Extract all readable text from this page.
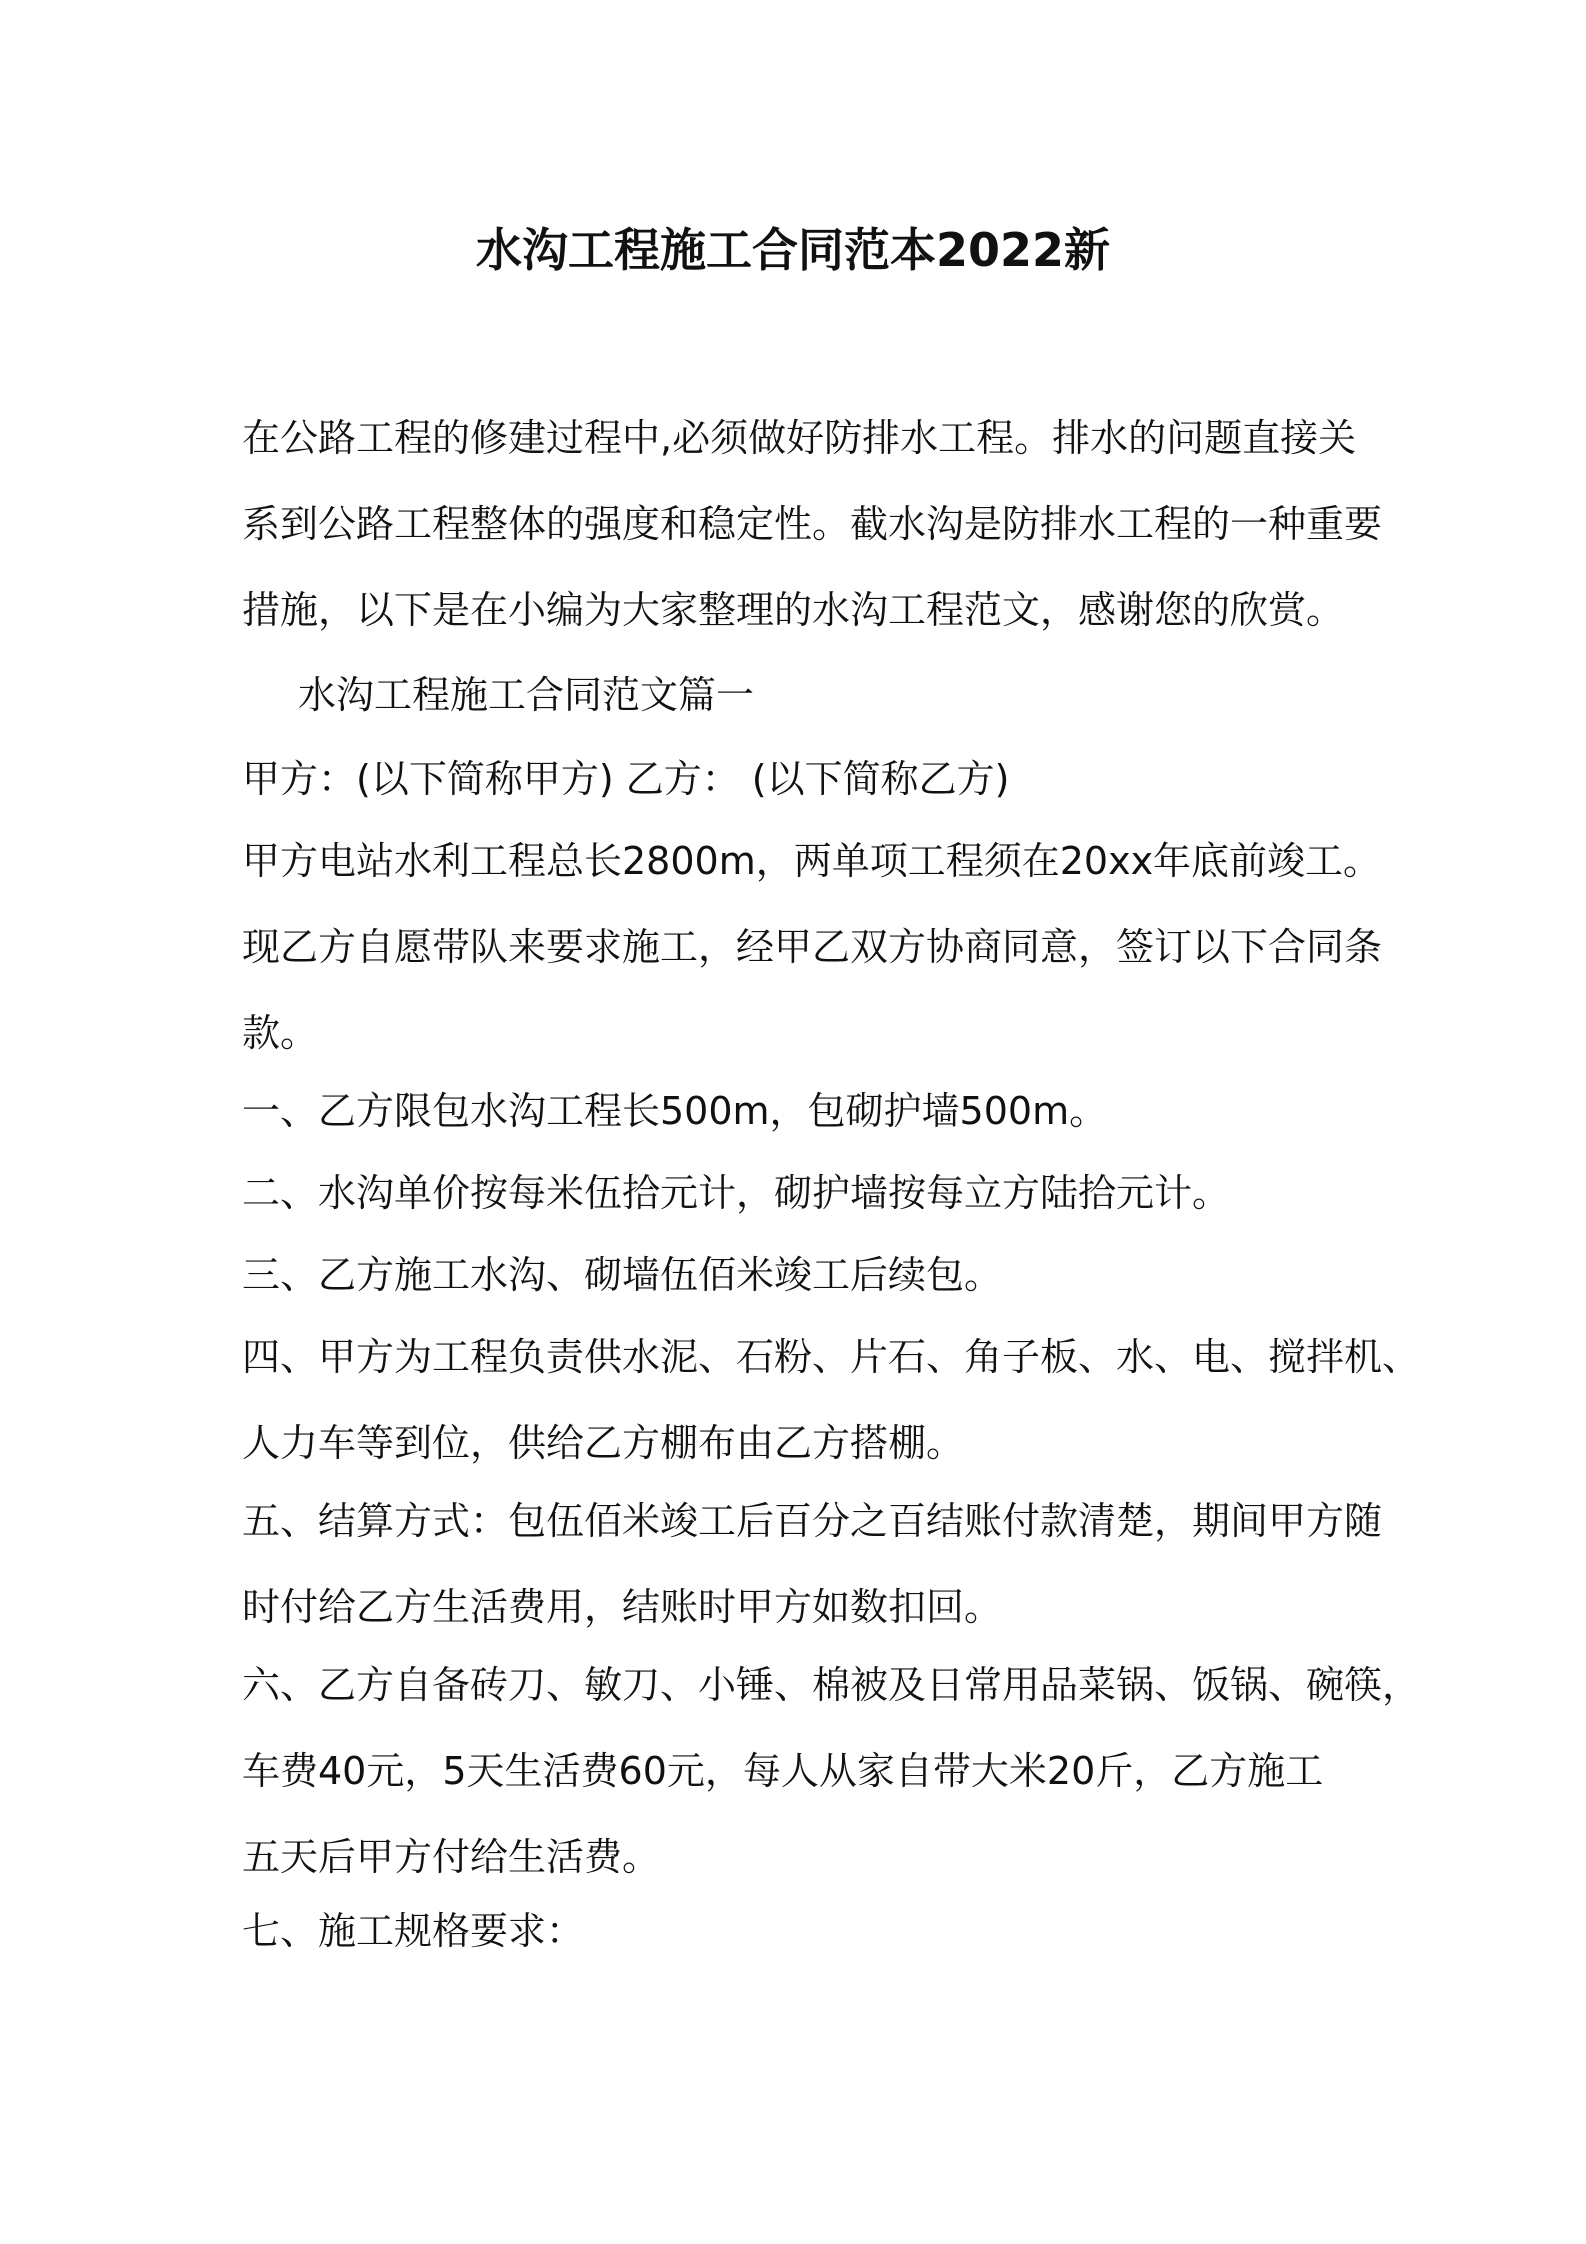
水沟工程施工合同范本2022新
在公路工程的修建过程中,必须做好防排水工程。排水的问题直接关
系到公路工程整体的强度和稳定性。截水沟是防排水工程的一种重要
措施，以下是在小编为大家整理的水沟工程范文，感谢您的欣赏。
水沟工程施工合同范文篇一
甲方：(以下简称甲方) 乙方： (以下简称乙方)
甲方电站水利工程总长2800m，两单项工程须在20xx年底前竣工。
现乙方自愿带队来要求施工，经甲乙双方协商同意，签订以下合同条
款。
一、乙方限包水沟工程长500m，包砌护墙500m。
二、水沟单价按每米伍拾元计，砌护墙按每立方陆拾元计。
三、乙方施工水沟、砌墙伍佰米竣工后续包。
四、甲方为工程负责供水泥、石粉、片石、角子板、水、电、搅拌机、
人力车等到位，供给乙方棚布由乙方搭棚。
五、结算方式：包伍佰米竣工后百分之百结账付款清楚，期间甲方随
时付给乙方生活费用，结账时甲方如数扣回。
六、乙方自备砖刀、敏刀、小锤、棉被及日常用品菜锅、饭锅、碗筷，
车费40元，5天生活费60元，每人从家自带大米20斤，乙方施工
五天后甲方付给生活费。
七、施工规格要求：
